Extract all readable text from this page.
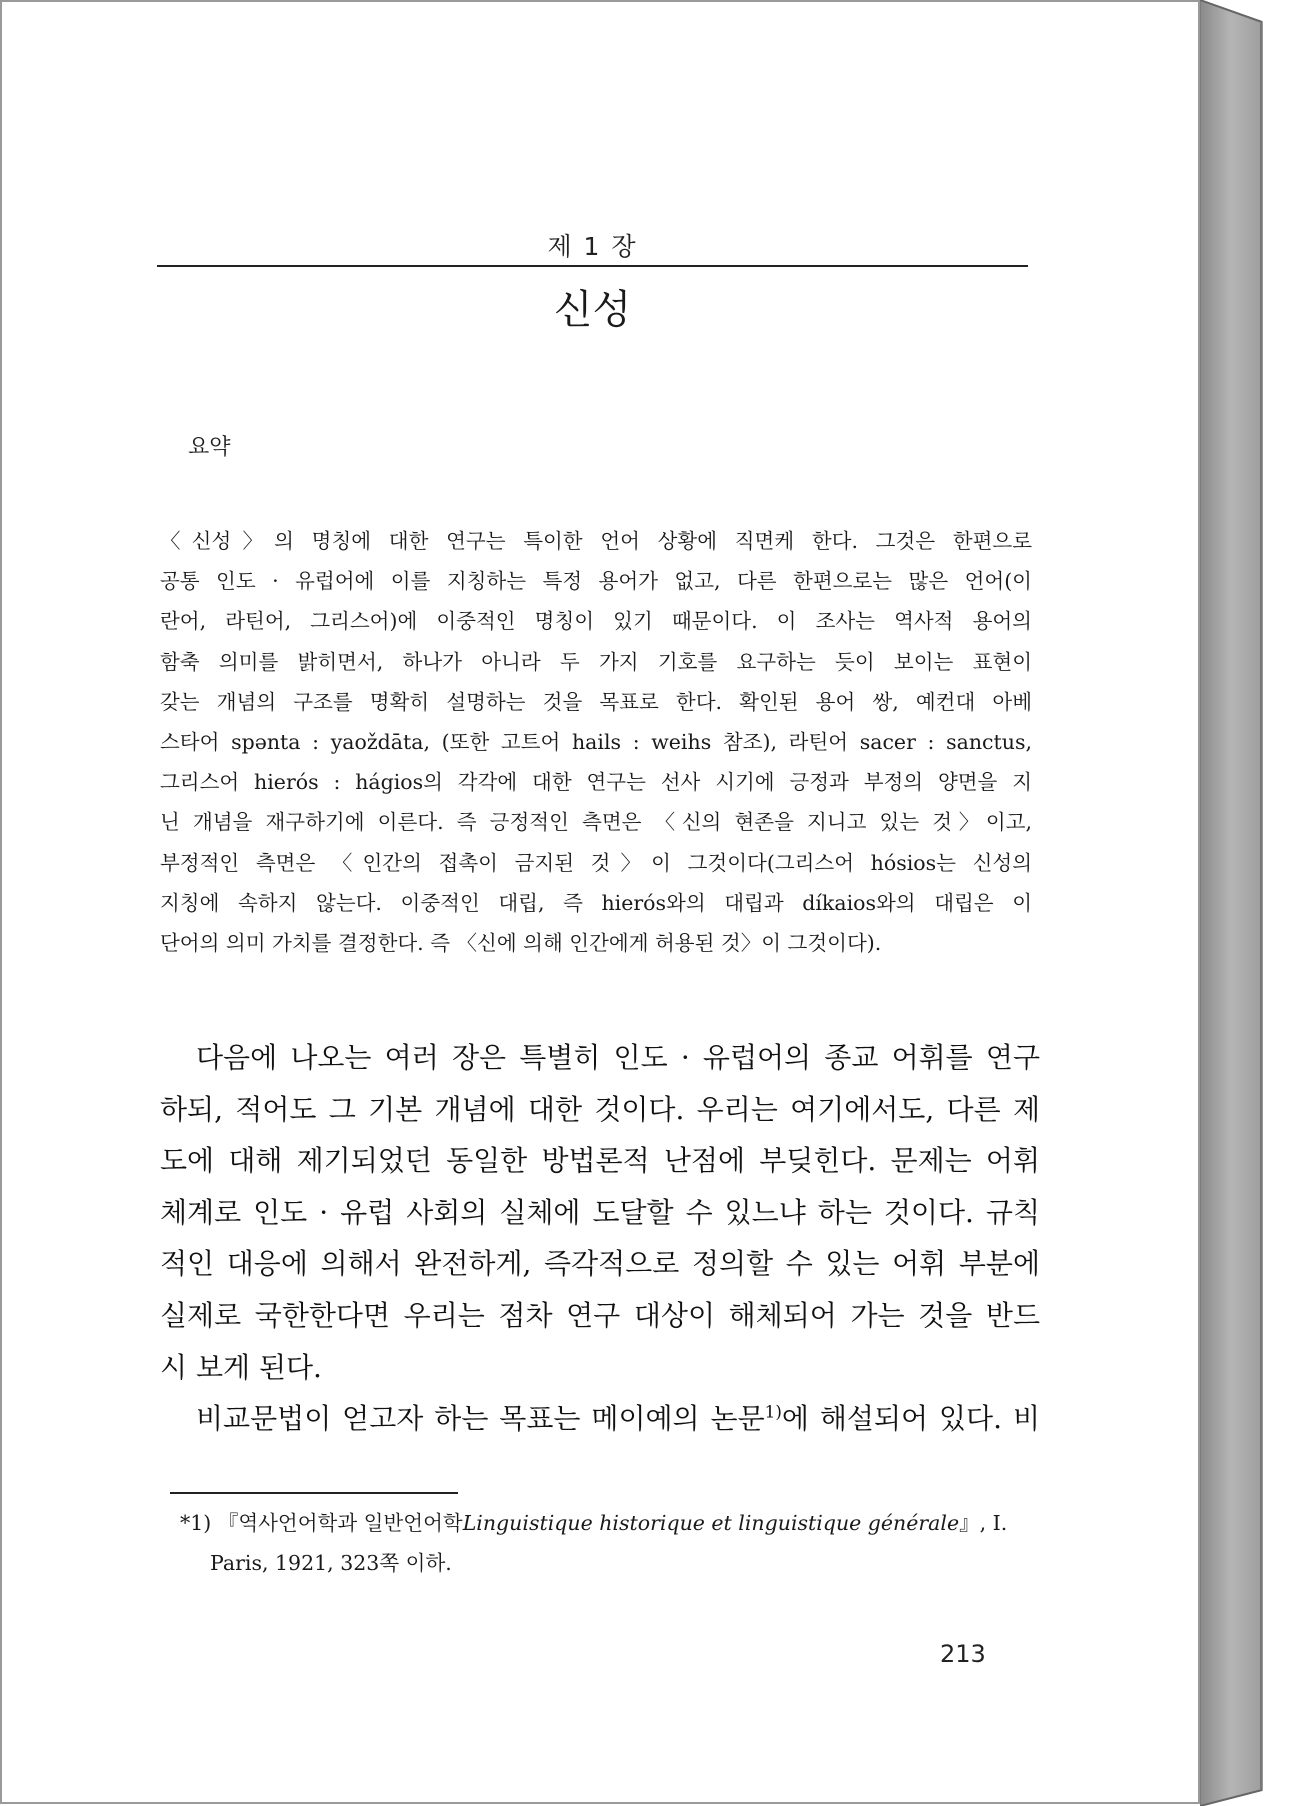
제 1 장
신성
요약
〈신성〉의 명칭에 대한 연구는 특이한 언어 상황에 직면케 한다. 그것은 한편으로
공통 인도 · 유럽어에 이를 지칭하는 특정 용어가 없고, 다른 한편으로는 많은 언어(이
란어, 라틴어, 그리스어)에 이중적인 명칭이 있기 때문이다. 이 조사는 역사적 용어의
함축 의미를 밝히면서, 하나가 아니라 두 가지 기호를 요구하는 듯이 보이는 표현이
갖는 개념의 구조를 명확히 설명하는 것을 목표로 한다. 확인된 용어 쌍, 예컨대 아베
스타어 spənta : yaoždāta, (또한 고트어 hails : weihs 참조), 라틴어 sacer : sanctus,
그리스어 hierós : hágios의 각각에 대한 연구는 선사 시기에 긍정과 부정의 양면을 지
닌 개념을 재구하기에 이른다. 즉 긍정적인 측면은 〈신의 현존을 지니고 있는 것〉이고,
부정적인 측면은 〈인간의 접촉이 금지된 것〉이 그것이다(그리스어 hósios는 신성의
지칭에 속하지 않는다. 이중적인 대립, 즉 hierós와의 대립과 díkaios와의 대립은 이
단어의 의미 가치를 결정한다. 즉 〈신에 의해 인간에게 허용된 것〉이 그것이다).
다음에 나오는 여러 장은 특별히 인도 · 유럽어의 종교 어휘를 연구
하되, 적어도 그 기본 개념에 대한 것이다. 우리는 여기에서도, 다른 제
도에 대해 제기되었던 동일한 방법론적 난점에 부딪힌다. 문제는 어휘
체계로 인도 · 유럽 사회의 실체에 도달할 수 있느냐 하는 것이다. 규칙
적인 대응에 의해서 완전하게, 즉각적으로 정의할 수 있는 어휘 부분에
실제로 국한한다면 우리는 점차 연구 대상이 해체되어 가는 것을 반드
시 보게 된다.
비교문법이 얻고자 하는 목표는 메이예의 논문$^{1)}$에 해설되어 있다. 비
*1) 『역사언어학과 일반언어학Linguistique historique et linguistique générale』, I.
Paris, 1921, 323쪽 이하.
213
